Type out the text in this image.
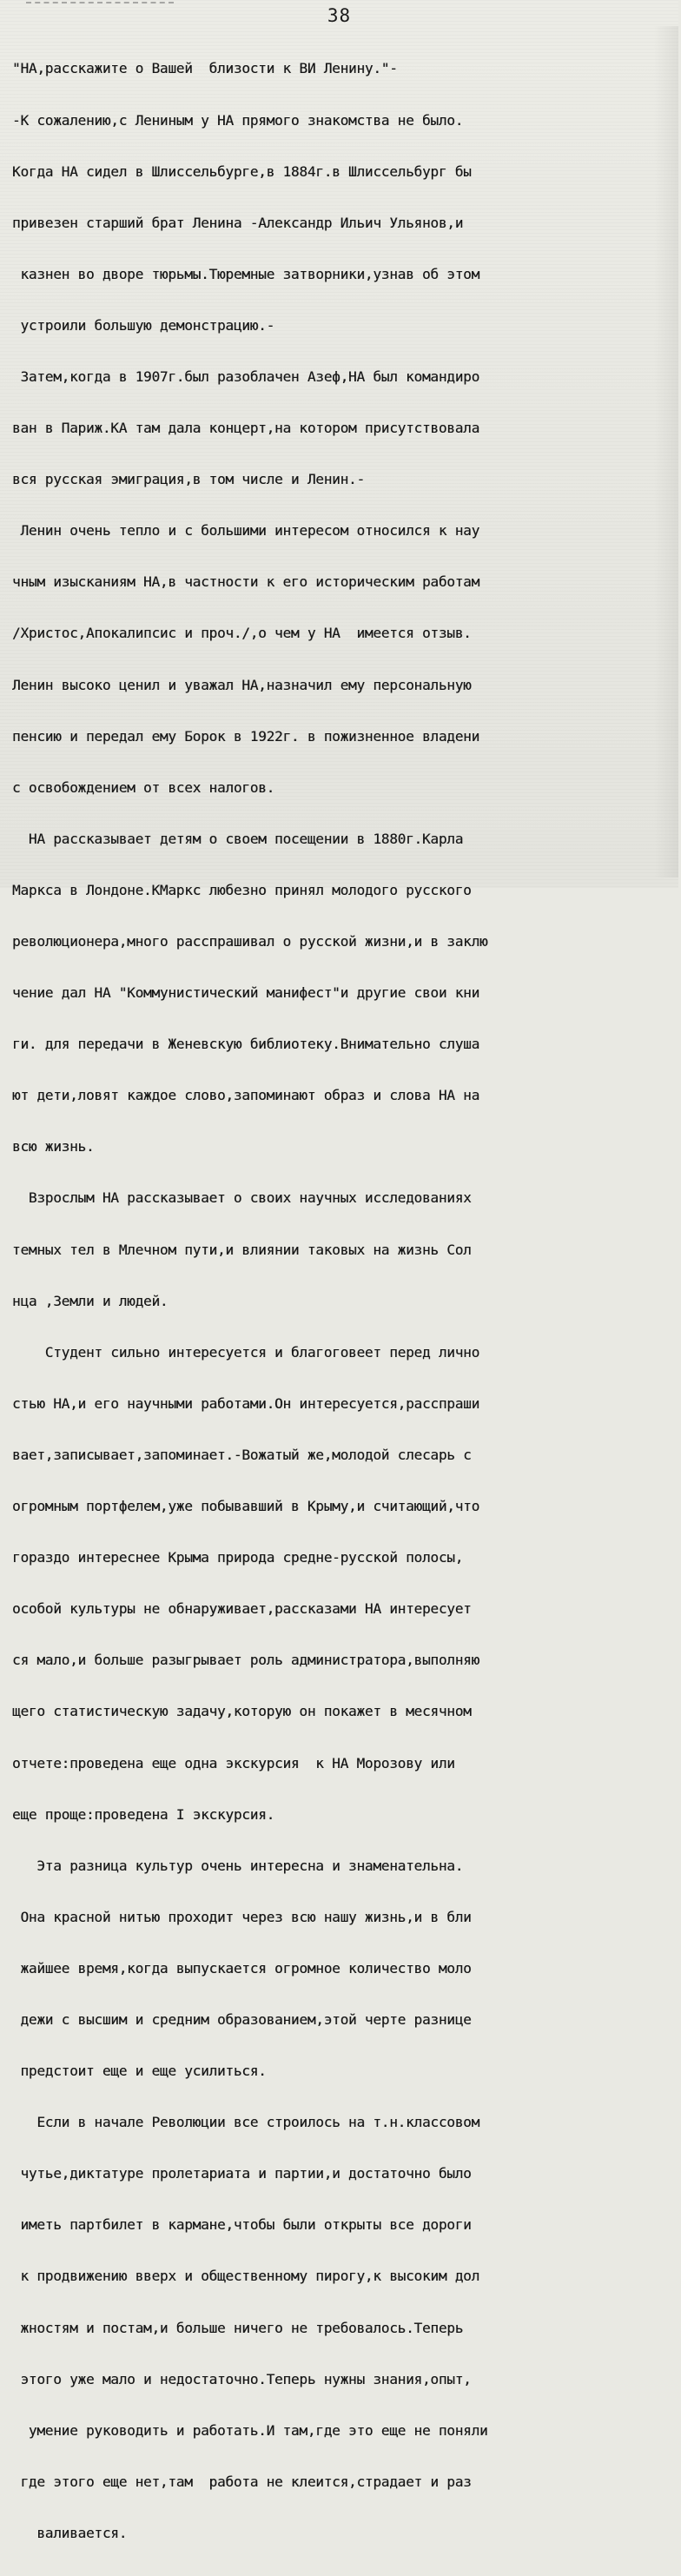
38

"НА,расскажите о Вашей  близости к ВИ Ленину."-

-К сожалению,с Лениным у НА прямого знакомства не было.

Когда НА сидел в Шлиссельбурге,в 1884г.в Шлиссельбург бы

привезен старший брат Ленина -Александр Ильич Ульянов,и

казнен во дворе тюрьмы.Тюремные затворники,узнав об этом

устроили большую демонстрацию.-

Затем,когда в 1907г.был разоблачен Азеф,НА был командиро

ван в Париж.КА там дала концерт,на котором присутствовала

вся русская эмиграция,в том числе и Ленин.-

Ленин очень тепло и с большими интересом относился к нау

чным изысканиям НА,в частности к его историческим работам

/Христос,Апокалипсис и проч./,о чем у НА  имеется отзыв.

Ленин высоко ценил и уважал НА,назначил ему персональную

пенсию и передал ему Борок в 1922г. в пожизненное владени

с освобождением от всех налогов.

НА рассказывает детям о своем посещении в 1880г.Карла

Маркса в Лондоне.КМаркс любезно принял молодого русского

революционера,много расспрашивал о русской жизни,и в заклю

чение дал НА "Коммунистический манифест"и другие свои кни

ги. для передачи в Женевскую библиотеку.Внимательно слуша

ют дети,ловят каждое слово,запоминают образ и слова НА на

всю жизнь.

Взрослым НА рассказывает о своих научных исследованиях

темных тел в Млечном пути,и влиянии таковых на жизнь Сол

нца ,Земли и людей.

Студент сильно интересуется и благоговеет перед лично

стью НА,и его научными работами.Он интересуется,расспраши

вает,записывает,запоминает.-Вожатый же,молодой слесарь с

огромным портфелем,уже побывавший в Крыму,и считающий,что

гораздо интереснее Крыма природа средне-русской полосы,

особой культуры не обнаруживает,рассказами НА интересует

ся мало,и больше разыгрывает роль администратора,выполняю

щего статистическую задачу,которую он покажет в месячном

отчете:проведена еще одна экскурсия  к НА Морозову или

еще проще:проведена I экскурсия.

Эта разница культур очень интересна и знаменательна.

Она красной нитью проходит через всю нашу жизнь,и в бли

жайшее время,когда выпускается огромное количество моло

дежи с высшим и средним образованием,этой черте разнице

предстоит еще и еще усилиться.

Если в начале Революции все строилось на т.н.классовом

чутье,диктатуре пролетариата и партии,и достаточно было

иметь партбилет в кармане,чтобы были открыты все дороги

к продвижению вверх и общественному пирогу,к высоким дол

жностям и постам,и больше ничего не требовалось.Теперь

этого уже мало и недостаточно.Теперь нужны знания,опыт,

умение руководить и работать.И там,где это еще не поняли

где этого еще нет,там  работа не клеится,страдает и раз

валивается.
